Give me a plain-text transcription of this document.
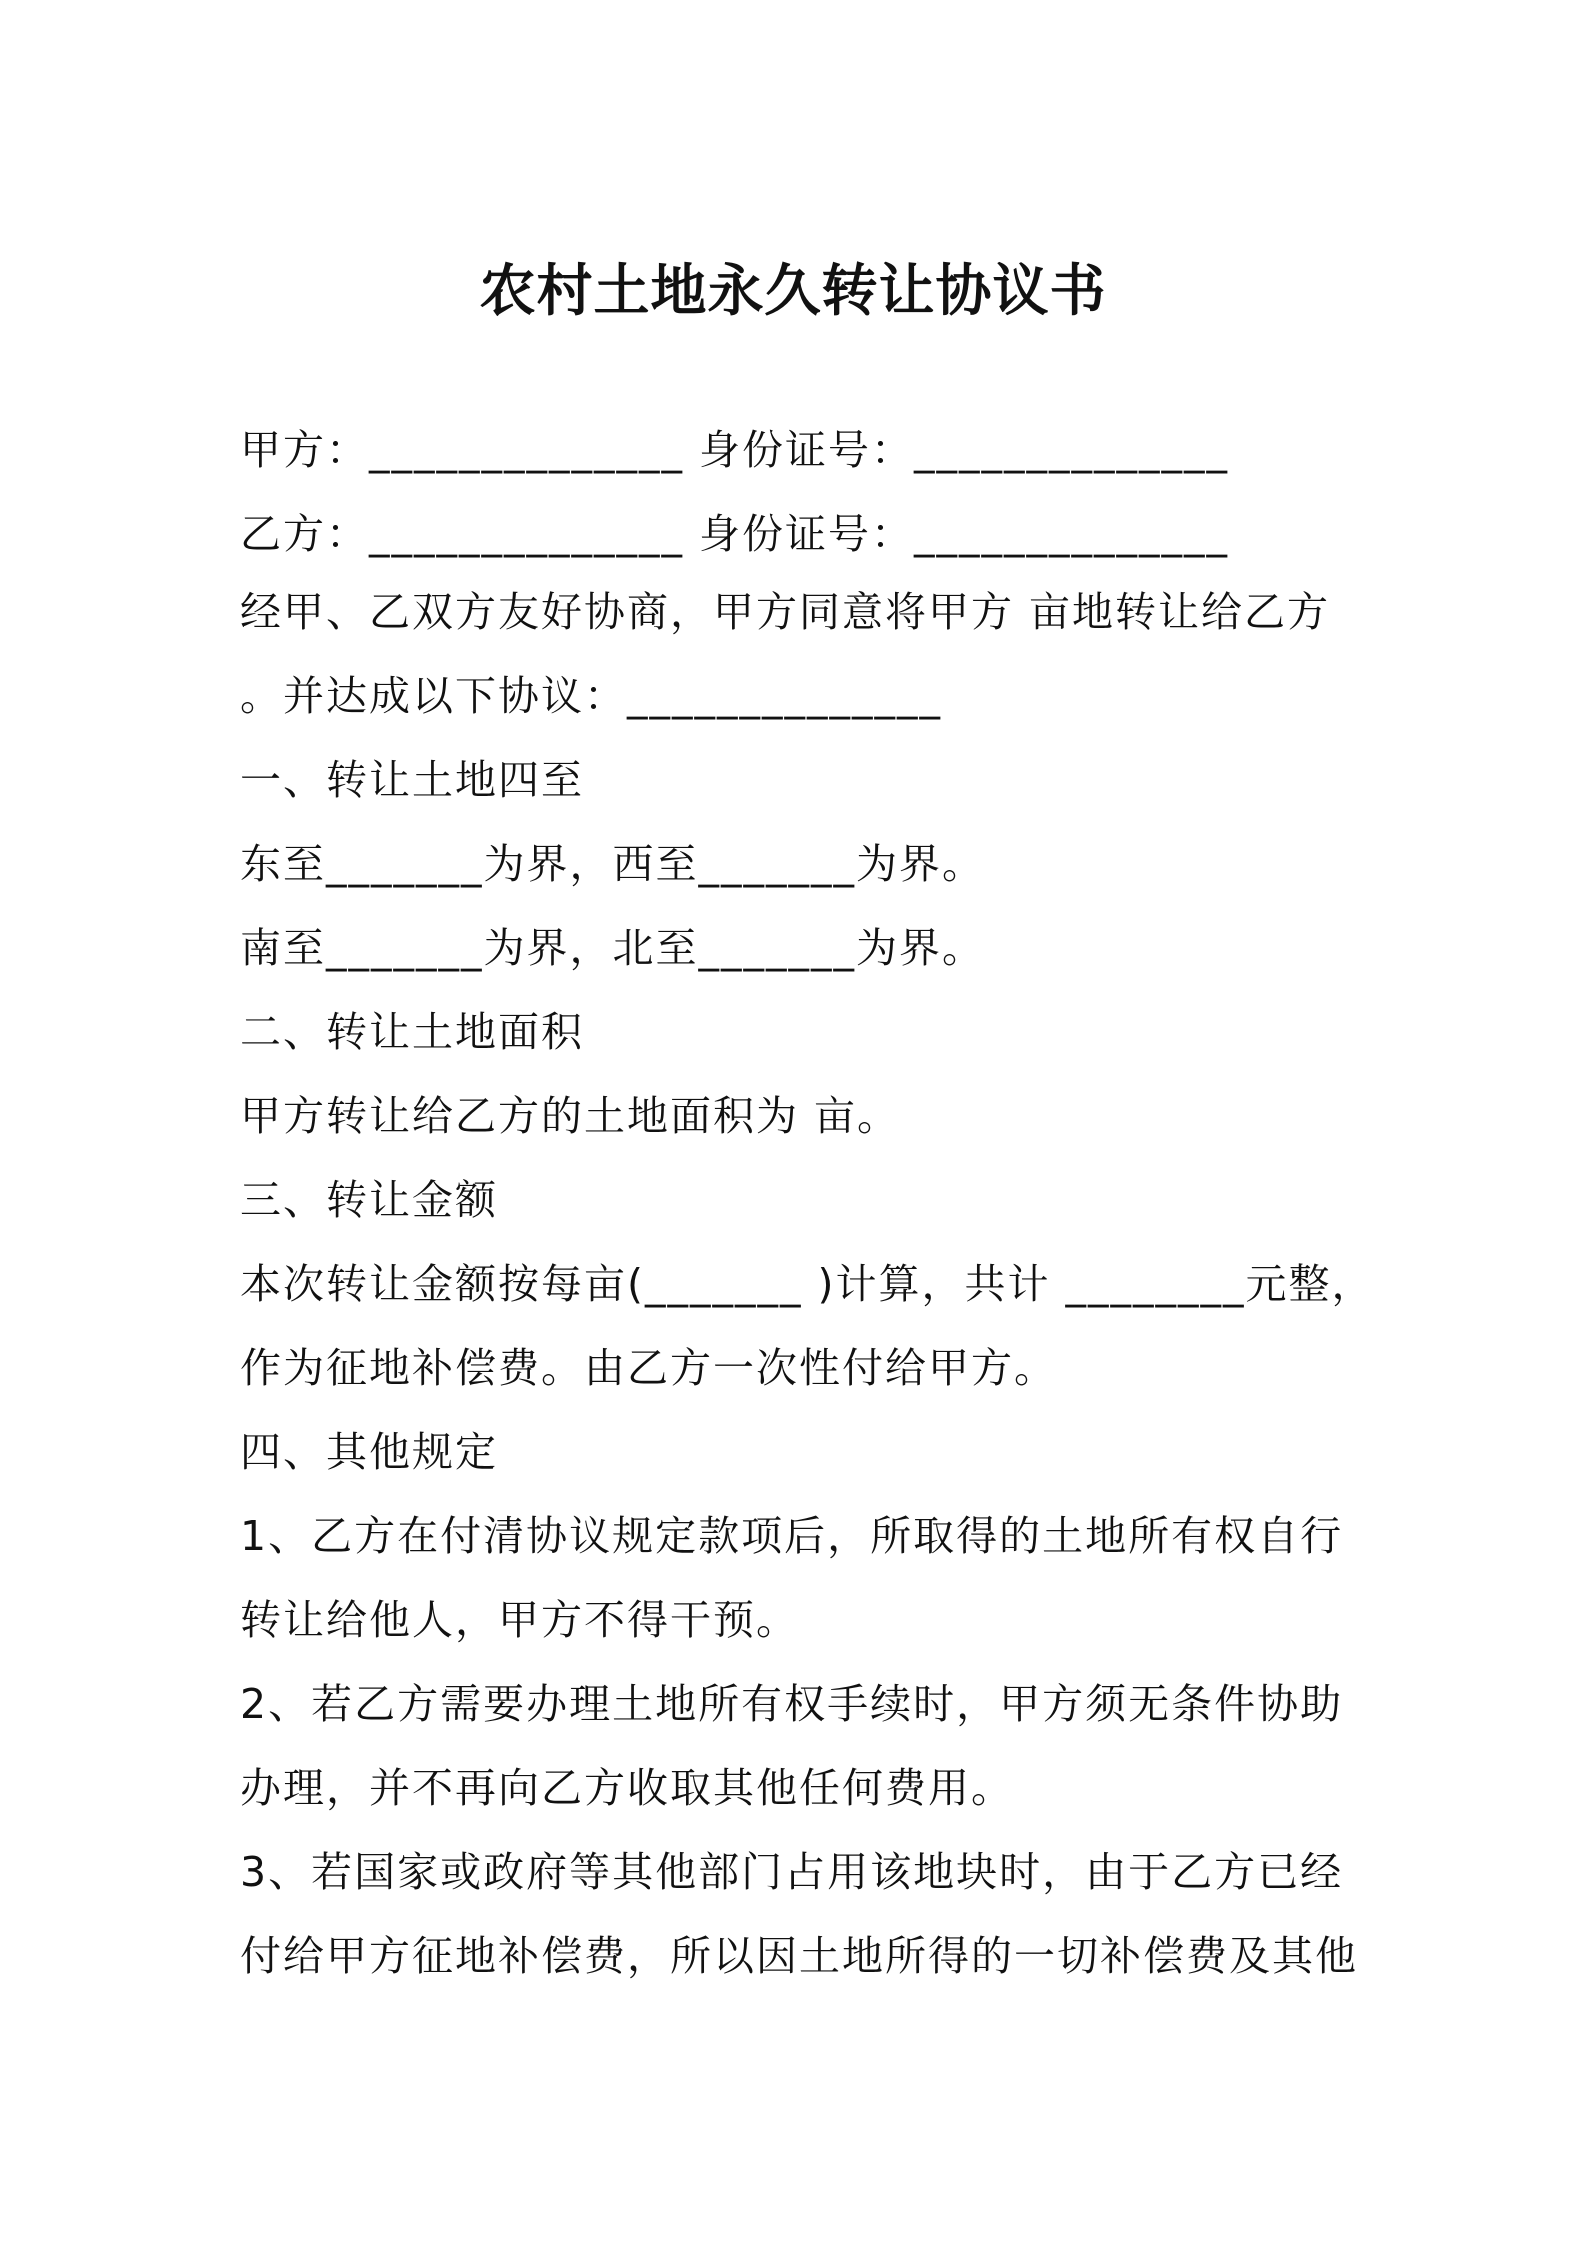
农村土地永久转让协议书
甲方：______________ 身份证号：______________
乙方：______________ 身份证号：______________
经甲、乙双方友好协商，甲方同意将甲方 亩地转让给乙方
。并达成以下协议：______________
一、转让土地四至
东至_______为界，西至_______为界。
南至_______为界，北至_______为界。
二、转让土地面积
甲方转让给乙方的土地面积为 亩。
三、转让金额
本次转让金额按每亩(_______ )计算，共计 ________元整，
作为征地补偿费。由乙方一次性付给甲方。
四、其他规定
1、乙方在付清协议规定款项后，所取得的土地所有权自行
转让给他人，甲方不得干预。
2、若乙方需要办理土地所有权手续时，甲方须无条件协助
办理，并不再向乙方收取其他任何费用。
3、若国家或政府等其他部门占用该地块时，由于乙方已经
付给甲方征地补偿费，所以因土地所得的一切补偿费及其他
